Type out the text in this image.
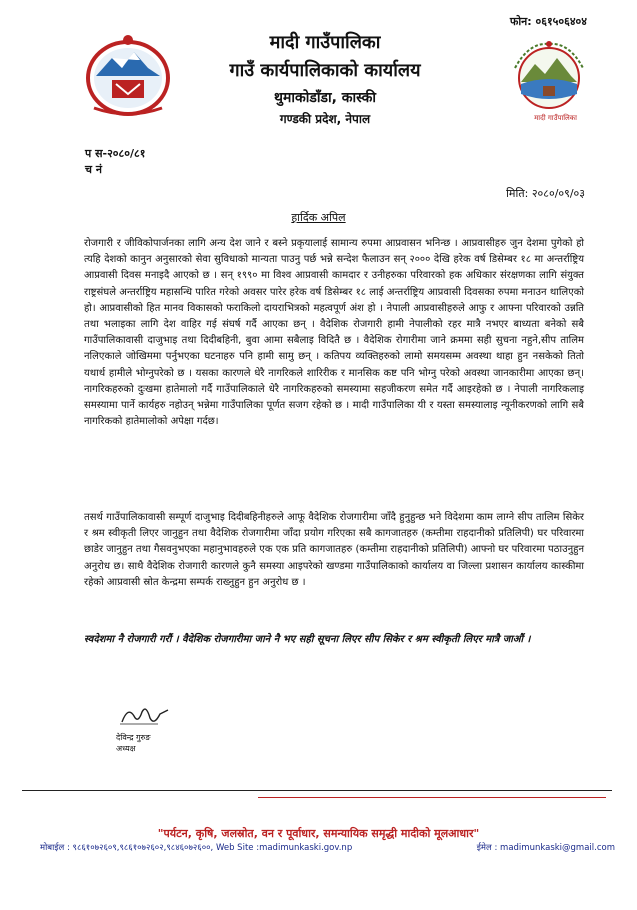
फोन: ०६१५०६४०४
मादी गाउँपालिका
गाउँ कार्यपालिकाको कार्यालय
थुमाकोडाँडा, कास्की
गण्डकी प्रदेश, नेपाल	मादी गाउँपालिका
प स-२०८०/८१
च नं
मिति: २०८०/०९/०३
हार्दिक अपिल
रोजगारी र जीविकोपार्जनका लागि अन्य देश जाने र बस्ने प्रकृयालाई सामान्य रुपमा आप्रवासन भनिन्छ । आप्रवासीहरु जुन देशमा पुगेको हो त्यहि देशको कानुन अनुसारको सेवा सुविधाको मान्यता पाउनु पर्छ भन्ने सन्देश फैलाउन सन् २००० देखि हरेक वर्ष डिसेम्बर १८ मा अन्तर्राष्ट्रिय आप्रवासी दिवस मनाइदै आएको छ । सन् १९९० मा विश्व आप्रवासी कामदार र उनीहरुका परिवारको हक अधिकार संरक्षणका लागि संयुक्त राष्ट्रसंघले अन्तर्राष्ट्रिय महासन्धि पारित गरेको अवसर पारेर हरेक वर्ष डिसेम्बर १८ लाई अन्तर्राष्ट्रिय आप्रवासी दिवसका रुपमा मनाउन थालिएको हो। आप्रवासीको हित मानव विकासको फराकिलो दायराभित्रको महत्वपूर्ण अंश हो । नेपाली आप्रवासीहरुले आफु र आफ्ना परिवारको उन्नति तथा भलाइका लागि देश वाहिर गई संघर्ष गर्दै आएका छन् । वैदेशिक रोजगारी हामी नेपालीको रहर मात्रै नभएर बाध्यता बनेको सबै गाउँपालिकावासी दाजुभाइ तथा दिदीबहिनी, बुवा आमा सबैलाइ विदितै छ । वैदेशिक रोगारीमा जाने क्रममा सही सुचना नहुने,सीप तालिम नलिएकाले जोखिममा पर्नुभएका घटनाहरु पनि हामी सामु छन् । कतिपय व्यक्तिहरुको लामो समयसम्म अवस्था थाहा हुन नसकेको तितो यथार्थ हामीले भोग्नुपरेको छ । यसका कारणले धेरै नागरिकले शारिरीक र मानसिक कष्ट पनि भोग्नु परेको अवस्था जानकारीमा आएका छन्। नागरिकहरुको दुःखमा हातेमालो गर्दै गाउँपालिकाले धेरै नागरिकहरुको समस्यामा सहजीकरण समेत गर्दै आइरहेको छ । नेपाली नागरिकलाइ समस्यामा पार्ने कार्यहरु नहोउन् भन्नेमा गाउँपालिका पूर्णत सजग रहेको छ । मादी गाउँपालिका यी र यस्ता समस्यालाइ न्यूनीकरणको लागि सबै नागरिकको हातेमालोको अपेक्षा गर्दछ।
तसर्थ गाउँपालिकावासी सम्पूर्ण दाजुभाइ दिदीबहिनीहरुले आफू वैदेशिक रोजगारीमा जाँदै हुनुहुन्छ भने विदेशमा काम लाग्ने सीप तालिम सिकेर र श्रम स्वीकृती लिएर जानुहुन तथा वैदेशिक रोजगारीमा जाँदा प्रयोग गरिएका सबै कागजातहरु (कम्तीमा राहदानीको प्रतिलिपी) घर परिवारमा छाडेर जानुहुन तथा गैसवनुभएका महानुभावहरुले एक एक प्रति कागजातहरु (कम्तीमा राहदानीको प्रतिलिपी) आफ्नो घर परिवारमा पठाउनुहुन अनुरोध छ। साथै वैदेशिक रोजगारी कारणले कुनै समस्या आइपरेको खण्डमा गाउँपालिकाको कार्यालय वा जिल्ला प्रशासन कार्यालय कास्कीमा रहेको आप्रवासी स्रोत केन्द्रमा सम्पर्क राख्नुहुन हुन अनुरोध छ ।
स्वदेशमा नै रोजगारी गरौं । वैदेशिक रोजगारीमा जाने नै भए सही सूचना लिएर सीप सिकेर र श्रम स्वीकृती लिएर मात्रै जाऔं ।
देविन्द्र गुरुङ
अध्यक्ष
"पर्यटन, कृषि, जलस्रोत, वन र पूर्वाधार, समन्यायिक समृद्धी मादीको मूलआधार"
मोबाईल : ९८६१०७२६०९,९८६१०७२६०२,९८४६०७२६००, Web Site :madimunkaski.gov.np	ईमेल : madimunkaski@gmail.com
